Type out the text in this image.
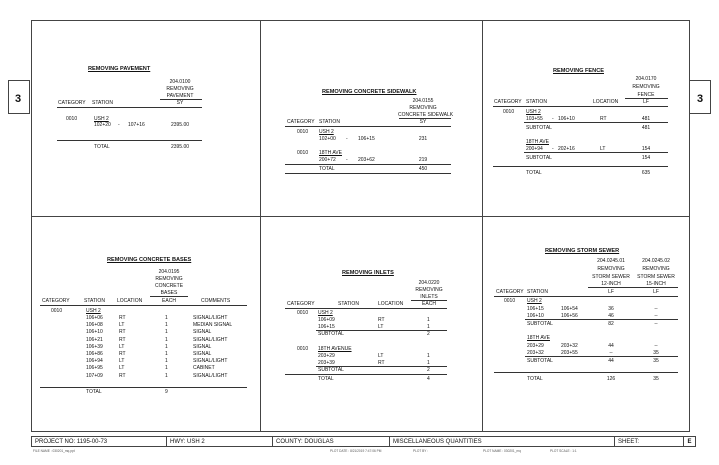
3	3
REMOVING PAVEMENT
204.0100
REMOVING
PAVEMENT
CATEGORY STATION	SY
0010	USH 2
102+20 - 107+16	2395.00
TOTAL	2395.00
REMOVING CONCRETE SIDEWALK
204.0155
REMOVING
CONCRETE SIDEWALK
CATEGORY STATION	SY
0010 USH 2
102+00 - 106+15	231
0010 18TH AVE
200+72 - 203+62	219
TOTAL	450
REMOVING FENCE
204.0170
REMOVING
FENCE
CATEGORY STATION	LOCATION	LF
0010 USH 2
103+55 - 106+10	RT	481
SUBTOTAL	481
18TH AVE
200+94 - 202+16	LT	154
SUBTOTAL	154
TOTAL	635
REMOVING CONCRETE BASES
204.0195
REMOVING
CONCRETE
BASES
CATEGORY	STATION LOCATION	EACH	COMMENTS
0010	USH 2
106+06	RT	1	SIGNAL/LIGHT
106+08	LT	1	MEDIAN SIGNAL
106+10	RT	1	SIGNAL
106+21	RT	1	SIGNAL/LIGHT
106+39	LT	1	SIGNAL
106+86	RT	1	SIGNAL
106+94	LT	1	SIGNAL/LIGHT
106+95	LT	1	CABINET
107+09	RT	1	SIGNAL/LIGHT
TOTAL	9
REMOVING INLETS
204.0220
REMOVING
INLETS
CATEGORY	STATION	LOCATION	EACH
0010 USH 2
106+09	RT	1
106+15	LT	1
SUBTOTAL	2
0010 18TH AVENUE
203+29	LT	1
203+39	RT	1
SUBTOTAL	2
TOTAL	4
REMOVING STORM SEWER
204.0245.01
REMOVING
STORM SEWER
12-INCH
204.0245.02
REMOVING
STORM SEWER
15-INCH
CATEGORY STATION	LF	LF
0010 USH 2
106+15	106+54	36	--
106+10	106+56	46	--
SUBTOTAL	82	--
18TH AVE
203+29	203+32	44	--
203+32	203+55	--	35
SUBTOTAL	44	35
TOTAL	126	35
PROJECT NO: 1195-00-73	HWY: USH 2	COUNTY: DOUGLAS	MISCELLANEOUS QUANTITIES	SHEET:	E
FILE NAME : 030201_mq.ppt	PLOT DATE : 8/21/2019 7:47:06 PM	PLOT BY :	PLOT NAME : 030201_mq	PLOT SCALE : 1:1
